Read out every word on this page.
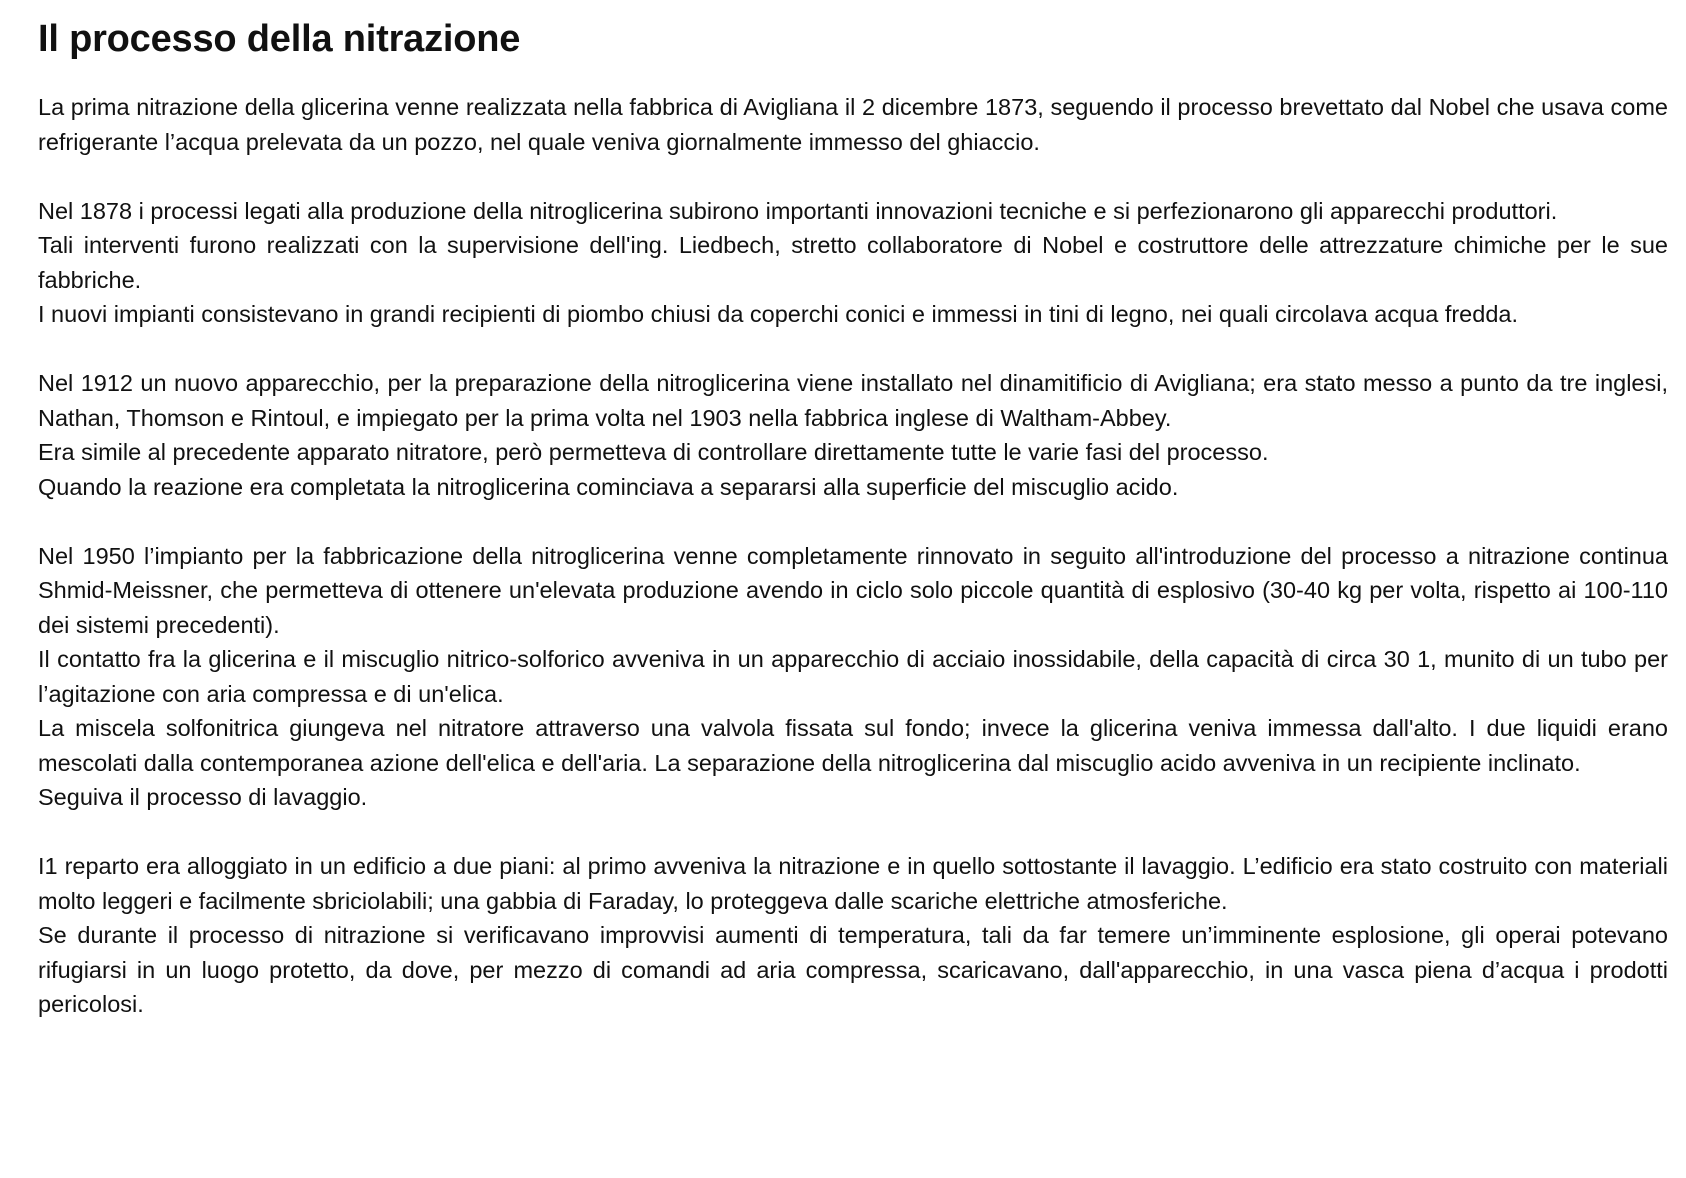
Il processo della nitrazione

La prima nitrazione della glicerina venne realizzata nella fabbrica di Avigliana il 2 dicembre 1873, seguendo il processo brevettato dal Nobel che usava come refrigerante l’acqua prelevata da un pozzo, nel quale veniva giornalmente immesso del ghiaccio.

Nel 1878 i processi legati alla produzione della nitroglicerina subirono importanti innovazioni tecniche e si perfezionarono gli apparecchi produttori.

Tali interventi furono realizzati con la supervisione dell'ing. Liedbech, stretto collaboratore di Nobel e costruttore delle attrezzature chimiche per le sue fabbriche.

I nuovi impianti consistevano in grandi recipienti di piombo chiusi da coperchi conici e immessi in tini di legno, nei quali circolava acqua fredda.

Nel 1912 un nuovo apparecchio, per la preparazione della nitroglicerina viene installato nel dinamitificio di Avigliana; era stato messo a punto da tre inglesi, Nathan, Thomson e Rintoul, e impiegato per la prima volta nel 1903 nella fabbrica inglese di Waltham-Abbey.

Era simile al precedente apparato nitratore, però permetteva di controllare direttamente tutte le varie fasi del processo.

Quando la reazione era completata la nitroglicerina cominciava a separarsi alla superficie del miscuglio acido.

Nel 1950 l’impianto per la fabbricazione della nitroglicerina venne completamente rinnovato in seguito all'introduzione del processo a nitrazione continua Shmid-Meissner, che permetteva di ottenere un'elevata produzione avendo in ciclo solo piccole quantità di esplosivo (30-40 kg per volta, rispetto ai 100-110 dei sistemi precedenti).

Il contatto fra la glicerina e il miscuglio nitrico-solforico avveniva in un apparecchio di acciaio inossidabile, della capacità di circa 30 1, munito di un tubo per l’agitazione con aria compressa e di un'elica.

La miscela solfonitrica giungeva nel nitratore attraverso una valvola fissata sul fondo; invece la glicerina veniva immessa dall'alto. I due liquidi erano mescolati dalla contemporanea azione dell'elica e dell'aria. La separazione della nitroglicerina dal miscuglio acido avveniva in un recipiente inclinato.

Seguiva il processo di lavaggio.

I1 reparto era alloggiato in un edificio a due piani: al primo avveniva la nitrazione e in quello sottostante il lavaggio. L’edificio era stato costruito con materiali molto leggeri e facilmente sbriciolabili; una gabbia di Faraday, lo proteggeva dalle scariche elettriche atmosferiche.

Se durante il processo di nitrazione si verificavano improvvisi aumenti di temperatura, tali da far temere un’imminente esplosione, gli operai potevano rifugiarsi in un luogo protetto, da dove, per mezzo di comandi ad aria compressa, scaricavano, dall'apparecchio, in una vasca piena d’acqua i prodotti pericolosi.
